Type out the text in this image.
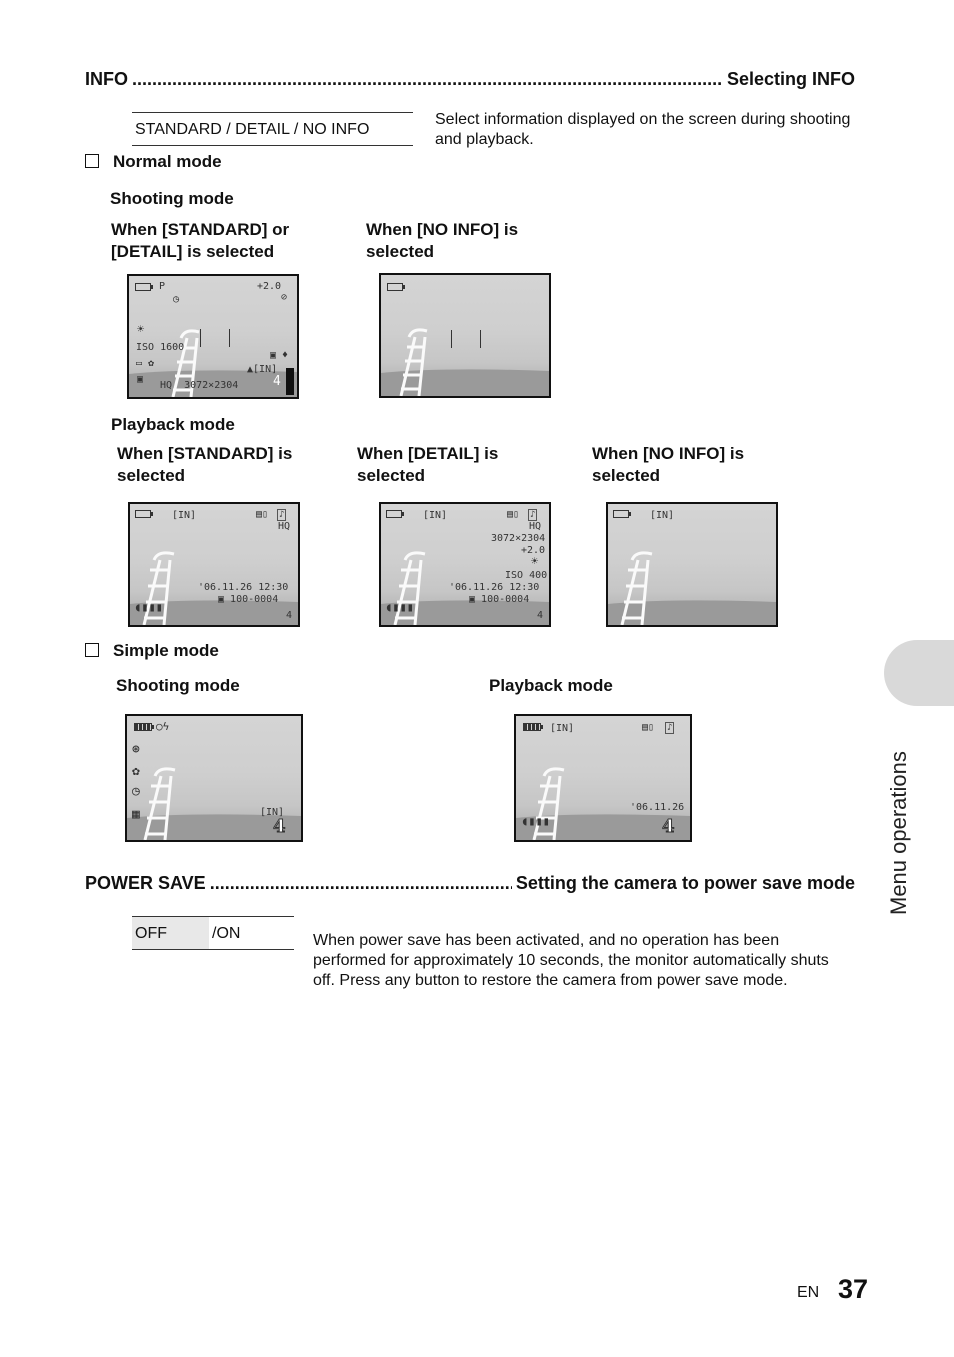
INFO .....	Selecting INFO
STANDARD / DETAIL / NO INFO
Select information displayed on the screen during shooting and playback.
Normal mode
Shooting mode
When [STANDARD] or [DETAIL] is selected
When [NO INFO] is selected
P	+2.0
◷	⊘
☀
ISO 1600
▭ ✿
▣ ♦
▲[IN]
▣
HQ 3072×2304	4
Playback mode
When [STANDARD] is selected
When [DETAIL] is selected
When [NO INFO] is selected
[IN]	▤▯ ♪
HQ
'06.11.26 12:30
▣ 100-0004
◖▮▮▮
4
[IN]	▤▯ ♪
HQ
3072×2304
+2.0
☀
ISO 400
'06.11.26 12:30
▣ 100-0004
◖▮▮▮
4
[IN]
Simple mode
Shooting mode	Playback mode
○ϟ
⊛
✿
◷
▦	[IN]
4
[IN]	▤▯ ♪
'06.11.26
◖▮▮▮	4
POWER SAVE .....	Setting the camera to power save mode
OFF	/ON	When power save has been activated, and no operation has been performed for approximately 10 seconds, the monitor automatically shuts off. Press any button to restore the camera from power save mode.
Menu operations
EN 37
